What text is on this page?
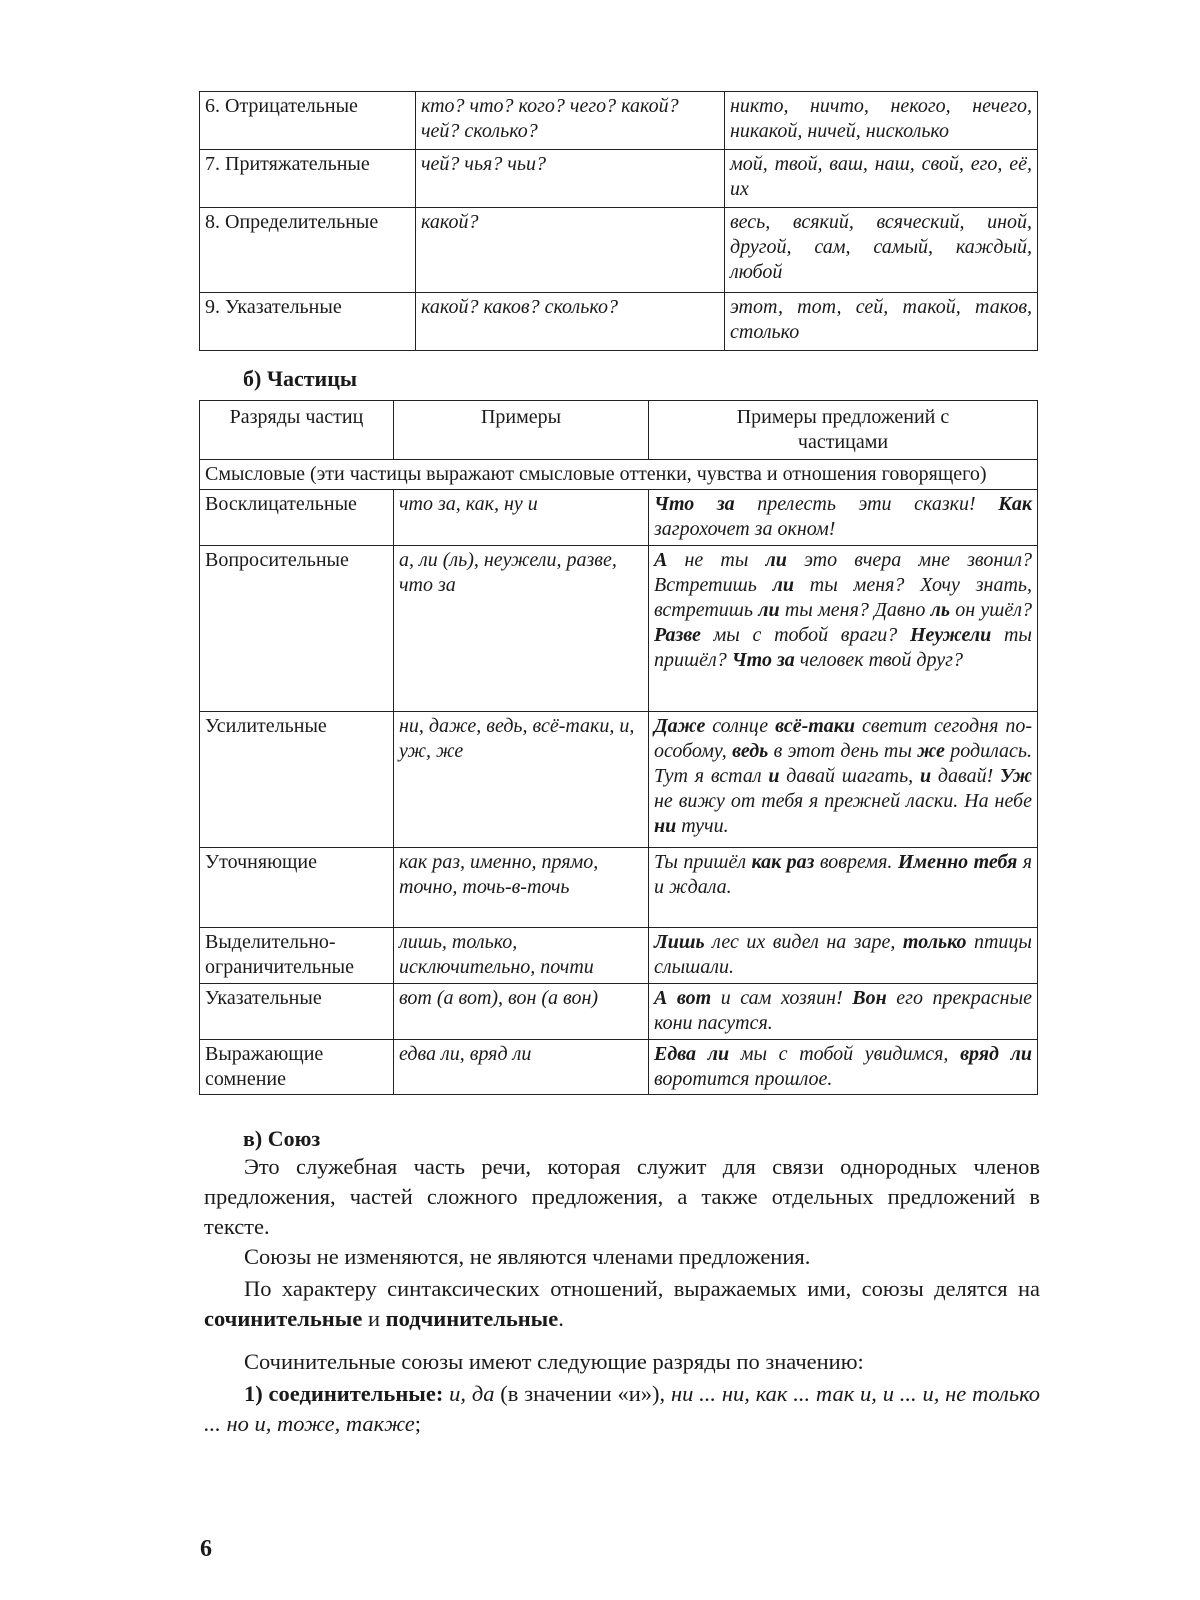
6. Отрицательные	кто? что? кого? чего? какой? чей? сколько?	никто, ничто, некого, нечего, никакой, ничей, нисколько
7. Притяжательные	чей? чья? чьи?	мой, твой, ваш, наш, свой, его, её, их
8. Определительные	какой?	весь, всякий, всяческий, иной, другой, сам, самый, каждый, любой
9. Указательные	какой? каков? сколько?	этот, тот, сей, такой, таков, столько
б) Частицы
Разряды частиц	Примеры	Примеры предложений с частицами
Смысловые (эти частицы выражают смысловые оттенки, чувства и отношения говорящего)		
Восклицательные	что за, как, ну и	Что за прелесть эти сказки! Как загрохочет за окном!
Вопросительные	а, ли (ль), неужели, разве, что за	А не ты ли это вчера мне звонил? Встретишь ли ты меня? Хочу знать, встретишь ли ты меня? Давно ль он ушёл? Разве мы с тобой враги? Неужели ты пришёл? Что за человек твой друг?
Усилительные	ни, даже, ведь, всё-таки, и, уж, же	Даже солнце всё-таки светит сегодня по-особому, ведь в этот день ты же родилась. Тут я встал и давай шагать, и давай! Уж не вижу от тебя я прежней ласки. На небе ни тучи.
Уточняющие	как раз, именно, прямо, точно, точь-в-точь	Ты пришёл как раз вовремя. Именно тебя я и ждала.
Выделительно-ограничительные	лишь, только, исключительно, почти	Лишь лес их видел на заре, только птицы слышали.
Указательные	вот (а вот), вон (а вон)	А вот и сам хозяин! Вон его прекрасные кони пасутся.
Выражающие сомнение	едва ли, вряд ли	Едва ли мы с тобой увидимся, вряд ли воротится прошлое.
в) Союз

Это служебная часть речи, которая служит для связи однородных членов предложения, частей сложного предложения, а также отдельных предложений в тексте.

Союзы не изменяются, не являются членами предложения.

По характеру синтаксических отношений, выражаемых ими, союзы делятся на сочинительные и подчинительные.

Сочинительные союзы имеют следующие разряды по значению:

1) соединительные: и, да (в значении «и»), ни ... ни, как ... так и, и ... и, не только ... но и, тоже, также;

6
